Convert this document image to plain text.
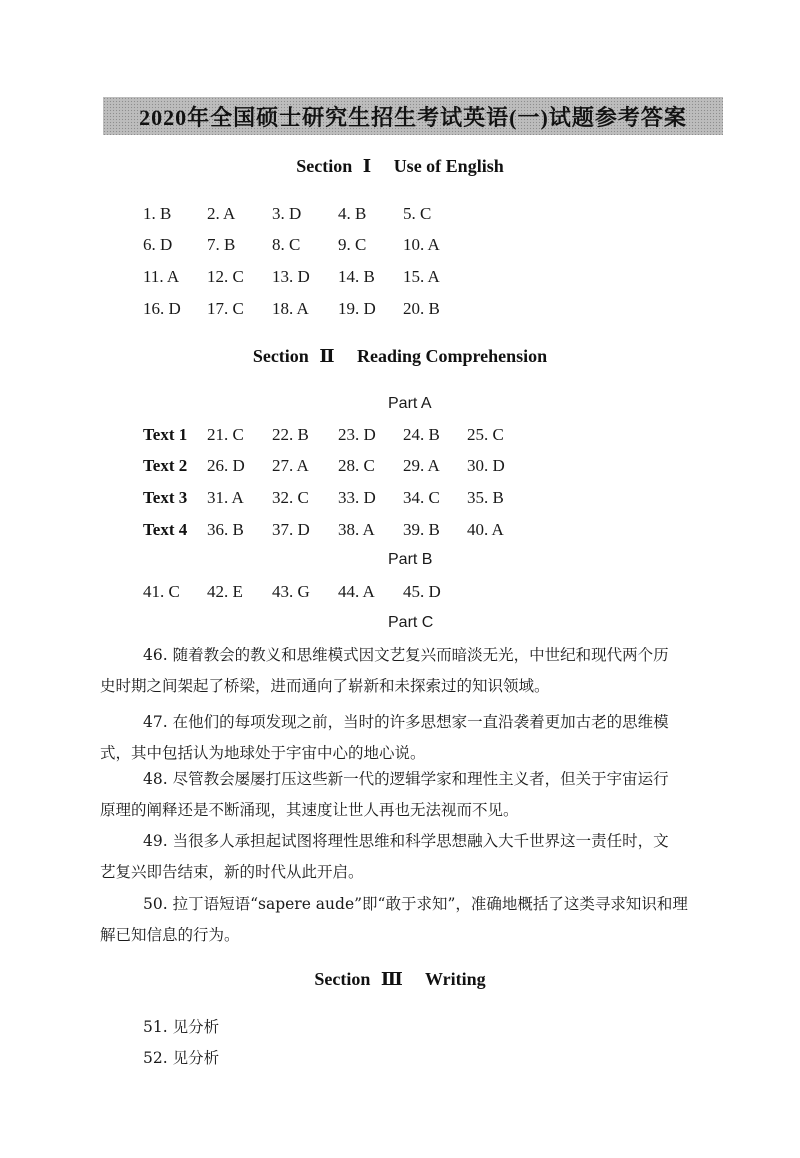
2020年全国硕士研究生招生考试英语(一)试题参考答案
Section Ⅰ Use of English
1. B 2. A 3. D 4. B 5. C
6. D 7. B 8. C 9. C 10. A
11. A 12. C 13. D 14. B 15. A
16. D 17. C 18. A 19. D 20. B
Section Ⅱ Reading Comprehension
Part A
Text 1 21. C 22. B 23. D 24. B 25. C
Text 2 26. D 27. A 28. C 29. A 30. D
Text 3 31. A 32. C 33. D 34. C 35. B
Text 4 36. B 37. D 38. A 39. B 40. A
Part B
41. C 42. E 43. G 44. A 45. D
Part C
46. 随着教会的教义和思维模式因文艺复兴而暗淡无光，中世纪和现代两个历
史时期之间架起了桥梁，进而通向了崭新和未探索过的知识领域。
47. 在他们的每项发现之前，当时的许多思想家一直沿袭着更加古老的思维模
式，其中包括认为地球处于宇宙中心的地心说。
48. 尽管教会屡屡打压这些新一代的逻辑学家和理性主义者，但关于宇宙运行
原理的阐释还是不断涌现，其速度让世人再也无法视而不见。
49. 当很多人承担起试图将理性思维和科学思想融入大千世界这一责任时，文
艺复兴即告结束，新的时代从此开启。
50. 拉丁语短语“sapere aude”即“敢于求知”，准确地概括了这类寻求知识和理
解已知信息的行为。
Section Ⅲ Writing
51. 见分析
52. 见分析
